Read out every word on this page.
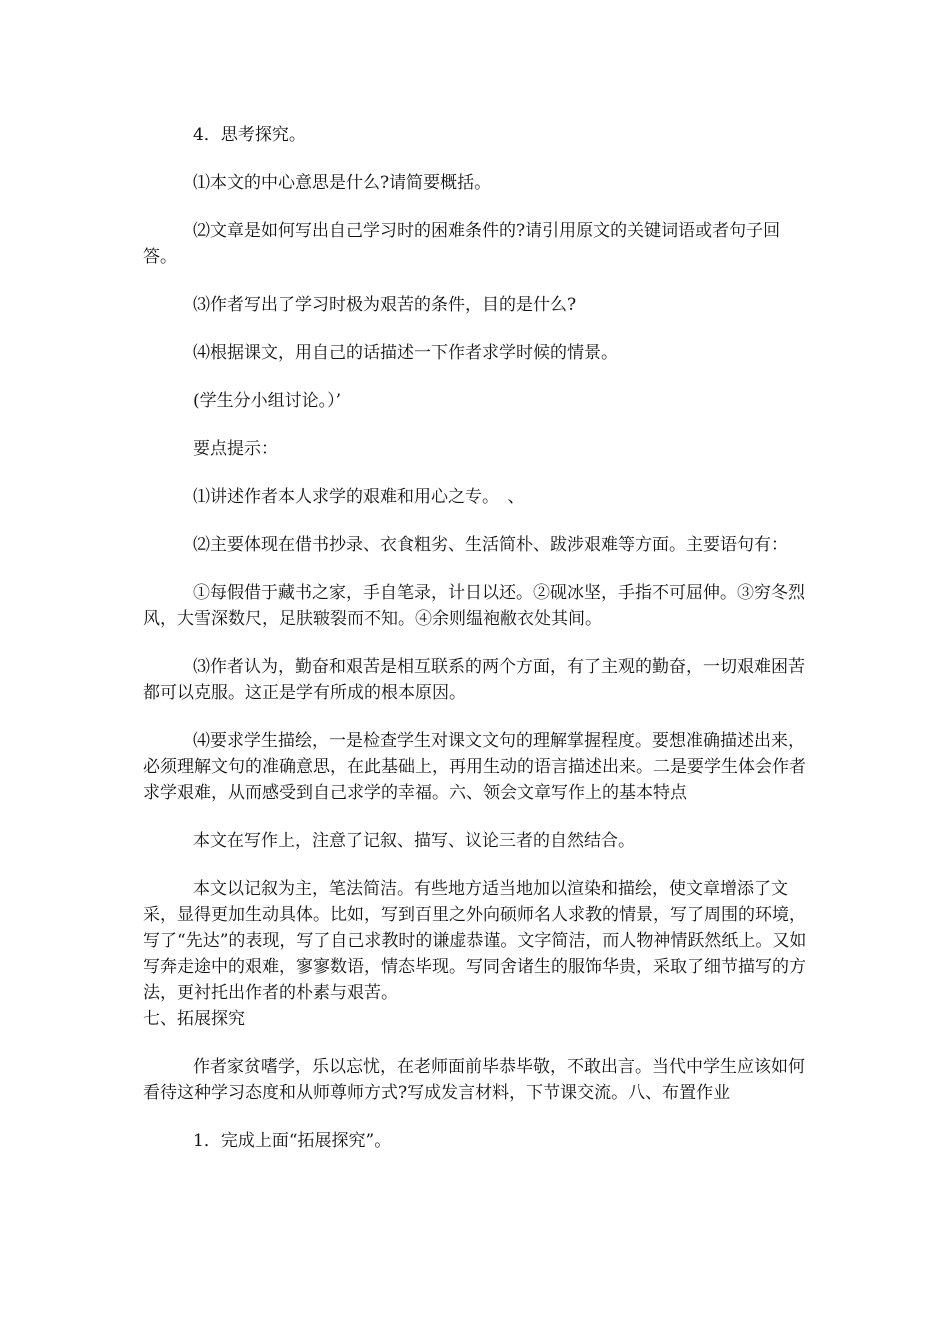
4．思考探究。

⑴本文的中心意思是什么?请简要概括。

⑵文章是如何写出自己学习时的困难条件的?请引用原文的关键词语或者句子回答。

⑶作者写出了学习时极为艰苦的条件，目的是什么?

⑷根据课文，用自己的话描述一下作者求学时候的情景。

(学生分小组讨论。）’

要点提示：

⑴讲述作者本人求学的艰难和用心之专。　、

⑵主要体现在借书抄录、衣食粗劣、生活简朴、跋涉艰难等方面。主要语句有：

①每假借于藏书之家，手自笔录，计日以还。②砚冰坚，手指不可屈伸。③穷冬烈风，大雪深数尺，足肤皲裂而不知。④余则缊袍敝衣处其间。

⑶作者认为，勤奋和艰苦是相互联系的两个方面，有了主观的勤奋，一切艰难困苦都可以克服。这正是学有所成的根本原因。

⑷要求学生描绘，一是检查学生对课文文句的理解掌握程度。要想准确描述出来，必须理解文句的准确意思，在此基础上，再用生动的语言描述出来。二是要学生体会作者求学艰难，从而感受到自己求学的幸福。六、领会文章写作上的基本特点

本文在写作上，注意了记叙、描写、议论三者的自然结合。

本文以记叙为主，笔法简洁。有些地方适当地加以渲染和描绘，使文章增添了文采，显得更加生动具体。比如，写到百里之外向硕师名人求教的情景，写了周围的环境，写了“先达”的表现，写了自己求教时的谦虚恭谨。文字简洁，而人物神情跃然纸上。又如写奔走途中的艰难，寥寥数语，情态毕现。写同舍诸生的服饰华贵，采取了细节描写的方法，更衬托出作者的朴素与艰苦。

七、拓展探究

作者家贫嗜学，乐以忘忧，在老师面前毕恭毕敬，不敢出言。当代中学生应该如何看待这种学习态度和从师尊师方式?写成发言材料，下节课交流。八、布置作业

1．完成上面“拓展探究”。
